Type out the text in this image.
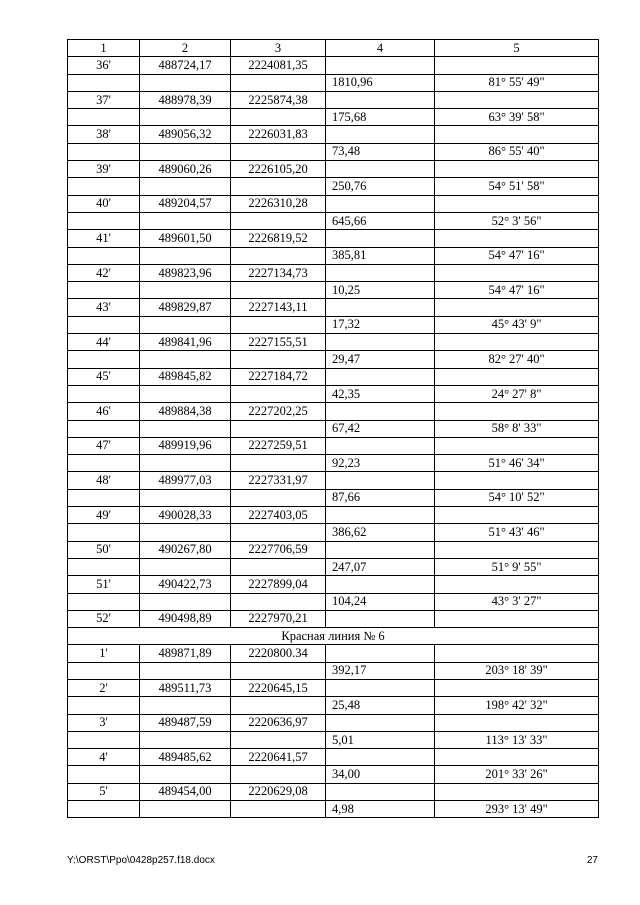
1	2	3	4	5
36'	488724,17	2224081,35		
			1810,96	81° 55' 49"
37'	488978,39	2225874,38		
			175,68	63° 39' 58"
38'	489056,32	2226031,83		
			73,48	86° 55' 40"
39'	489060,26	2226105,20		
			250,76	54° 51' 58"
40'	489204,57	2226310,28		
			645,66	52° 3' 56"
41'	489601,50	2226819,52		
			385,81	54° 47' 16"
42'	489823,96	2227134,73		
			10,25	54° 47' 16"
43'	489829,87	2227143,11		
			17,32	45° 43' 9"
44'	489841,96	2227155,51		
			29,47	82° 27' 40"
45'	489845,82	2227184,72		
			42,35	24° 27' 8"
46'	489884,38	2227202,25		
			67,42	58° 8' 33"
47'	489919,96	2227259,51		
			92,23	51° 46' 34"
48'	489977,03	2227331,97		
			87,66	54° 10' 52"
49'	490028,33	2227403,05		
			386,62	51° 43' 46"
50'	490267,80	2227706,59		
			247,07	51° 9' 55"
51'	490422,73	2227899,04		
			104,24	43° 3' 27"
52'	490498,89	2227970,21		
Красная линия № 6				
1'	489871,89	2220800.34		
			392,17	203° 18' 39"
2'	489511,73	2220645,15		
			25,48	198° 42' 32"
3'	489487,59	2220636,97		
			5,01	113° 13' 33"
4'	489485,62	2220641,57		
			34,00	201° 33' 26"
5'	489454,00	2220629,08		
			4,98	293° 13' 49"
Y:\ORST\Ppo\0428p257.f18.docx	27
